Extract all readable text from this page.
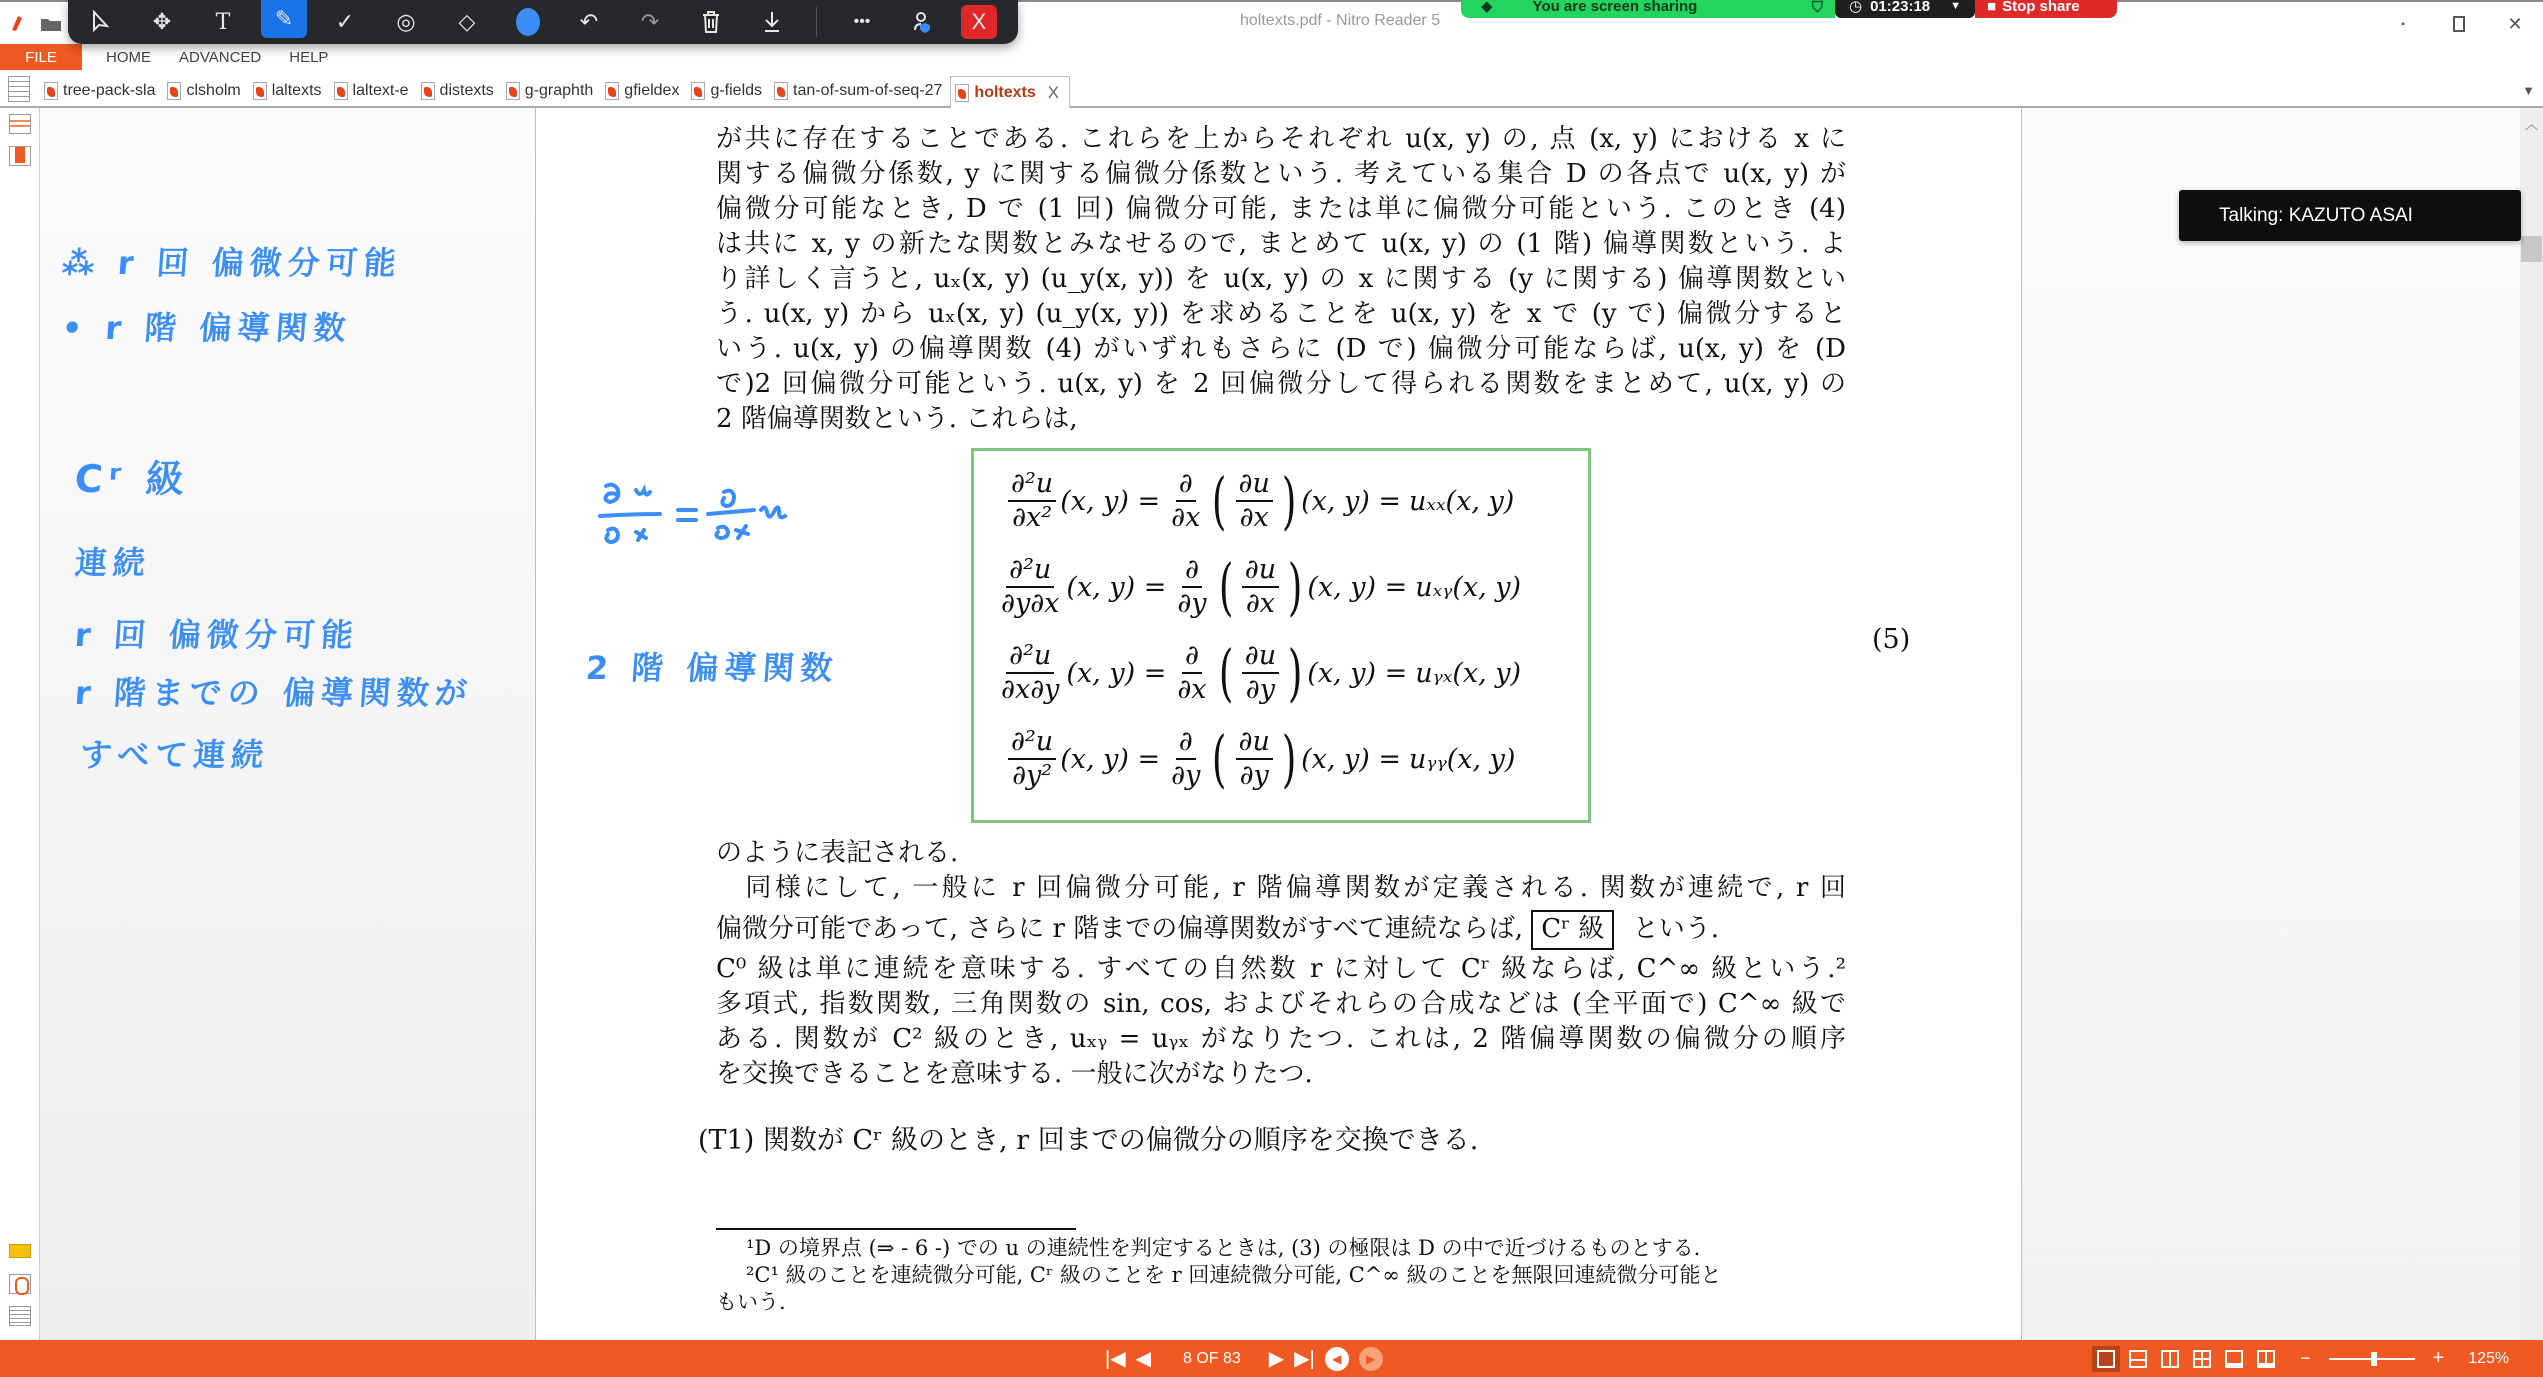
holtexts.pdf - Nitro Reader 5	▪	✕
◆	You are screen sharing	⛉ ◷ 01:23:18 ▼ ■ Stop share
✥ T ✎ ✓ ◎ ◇	↶ ↷	•••	X
FILE	HOME	ADVANCED	HELP
tree-pack-sla clsholm laltexts laltext-e distexts g-graphth gfieldex g-fields tan-of-sum-of-seq-27 holtexts X	▼
⁂ r 回 偏微分可能
• r 階 偏導関数
Cʳ 級
連続
r 回 偏微分可能
r 階までの 偏導関数が
すべて連続
2 階 偏導関数
が共に存在することである. これらを上からそれぞれ u(x, y) の, 点 (x, y) における x に
関する偏微分係数, y に関する偏微分係数という. 考えている集合 D の各点で u(x, y) が
偏微分可能なとき, D で (1 回) 偏微分可能, または単に偏微分可能という. このとき (4)
は共に x, y の新たな関数とみなせるので, まとめて u(x, y) の (1 階) 偏導関数という. よ
り詳しく言うと, uₓ(x, y) (u_y(x, y)) を u(x, y) の x に関する (y に関する) 偏導関数とい
う. u(x, y) から uₓ(x, y) (u_y(x, y)) を求めることを u(x, y) を x で (y で) 偏微分すると
いう. u(x, y) の偏導関数 (4) がいずれもさらに (D で) 偏微分可能ならば, u(x, y) を (D
で)2 回偏微分可能という. u(x, y) を 2 回偏微分して得られる関数をまとめて, u(x, y) の
2 階偏導関数という. これらは,
$\frac{\text{∂²u}}{\text{∂x²}} (x$, $y) = \frac{\partial}{\partial x}$ ( $\frac{\partial u}{\partial x}$ ) (x, y) = uₓₓ(x, y)
$\frac{\text{∂²u}}{\partial y\partial x} (x$, $y) = \frac{\partial}{\partial y}$ ( $\frac{\partial u}{\partial x}$ ) (x, y) = uₓᵧ(x, y)
$\frac{\text{∂²u}}{\partial x\partial y} (x$, $y) = \frac{\partial}{\partial x}$ ( $\frac{\partial u}{\partial y}$ ) (x, y) = uᵧₓ(x, y)
$\frac{\text{∂²u}}{\text{∂y²}} (x$, $y) = \frac{\partial}{\partial y}$ ( $\frac{\partial u}{\partial y}$ ) (x, y) = uᵧᵧ(x, y)
(5)
のように表記される.
　同様にして, 一般に r 回偏微分可能, r 階偏導関数が定義される. 関数が連続で, r 回
偏微分可能であって, さらに r 階までの偏導関数がすべて連続ならば, Cʳ 級 という.
C⁰ 級は単に連続を意味する. すべての自然数 r に対して Cʳ 級ならば, C^∞ 級という.²
多項式, 指数関数, 三角関数の sin, cos, およびそれらの合成などは (全平面で) C^∞ 級で
ある. 関数が C² 級のとき, uₓᵧ = uᵧₓ がなりたつ. これは, 2 階偏導関数の偏微分の順序
を交換できることを意味する. 一般に次がなりたつ.
(T1) 関数が Cʳ 級のとき, r 回までの偏微分の順序を交換できる.
¹D の境界点 (⇒ - 6 -) での u の連続性を判定するときは, (3) の極限は D の中で近づけるものとする.
²C¹ 級のことを連続微分可能, Cʳ 級のことを r 回連続微分可能, C^∞ 級のことを無限回連続微分可能と
もいう.
︿
Talking: KAZUTO ASAI
|◀ ◀ 8 OF 83 ▶ ▶| ◀ ▶	−	+ 125%
